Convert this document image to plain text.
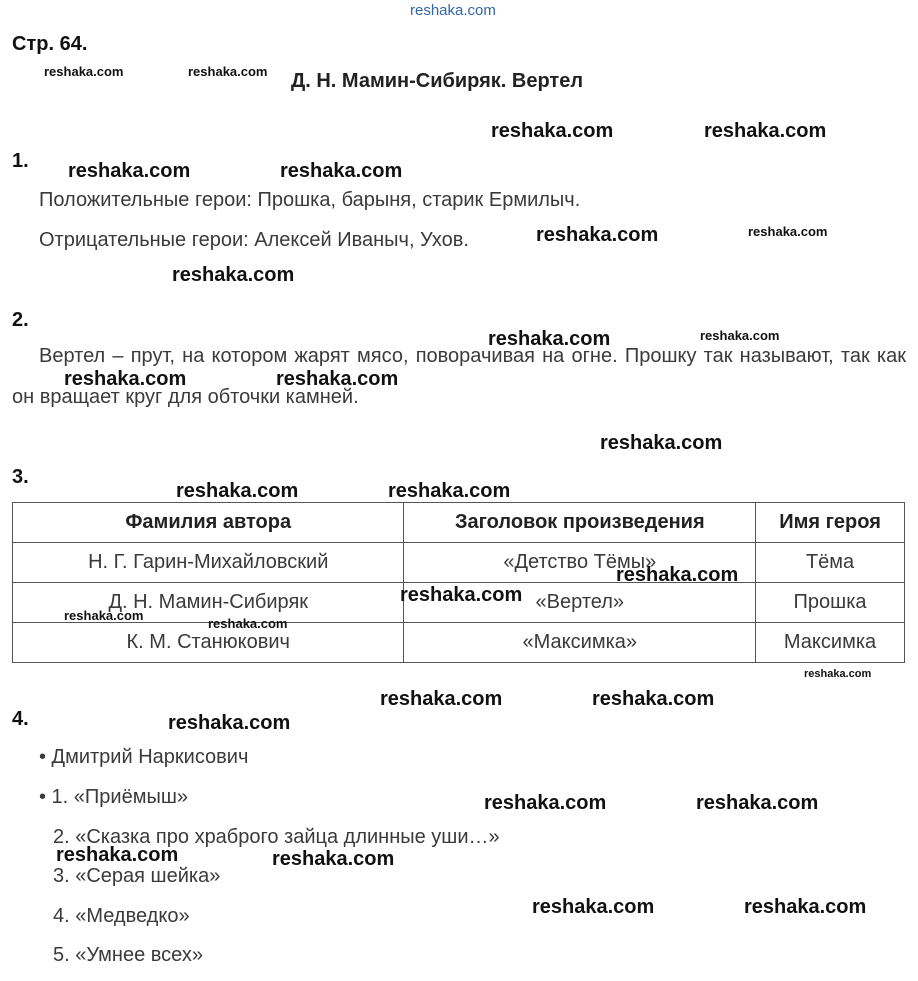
reshaka.com
Стр. 64.
Д. Н. Мамин-Сибиряк. Вертел
1.
Положительные герои: Прошка, барыня, старик Ермилыч.
Отрицательные герои: Алексей Иваныч, Ухов.
2.
Вертел – прут, на котором жарят мясо, поворачивая на огне. Прошку так называют, так как он вращает круг для обточки камней.
3.
Фамилия автора	Заголовок произведения	Имя героя
Н. Г. Гарин-Михайловский	«Детство Тёмы»	Тёма
Д. Н. Мамин-Сибиряк	«Вертел»	Прошка
К. М. Станюкович	«Максимка»	Максимка
4.
• Дмитрий Наркисович
• 1. «Приёмыш»
2. «Сказка про храброго зайца длинные уши…»
3. «Серая шейка»
4. «Медведко»
5. «Умнее всех»
reshaka.com	reshaka.com
reshaka.com	reshaka.com
reshaka.com	reshaka.com
reshaka.com	reshaka.com
reshaka.com
reshaka.com	reshaka.com
reshaka.com	reshaka.com
reshaka.com
reshaka.com	reshaka.com
reshaka.com
reshaka.com
reshaka.com
reshaka.com
reshaka.com
reshaka.com	reshaka.com
reshaka.com
reshaka.com	reshaka.com
reshaka.com	reshaka.com
reshaka.com	reshaka.com
